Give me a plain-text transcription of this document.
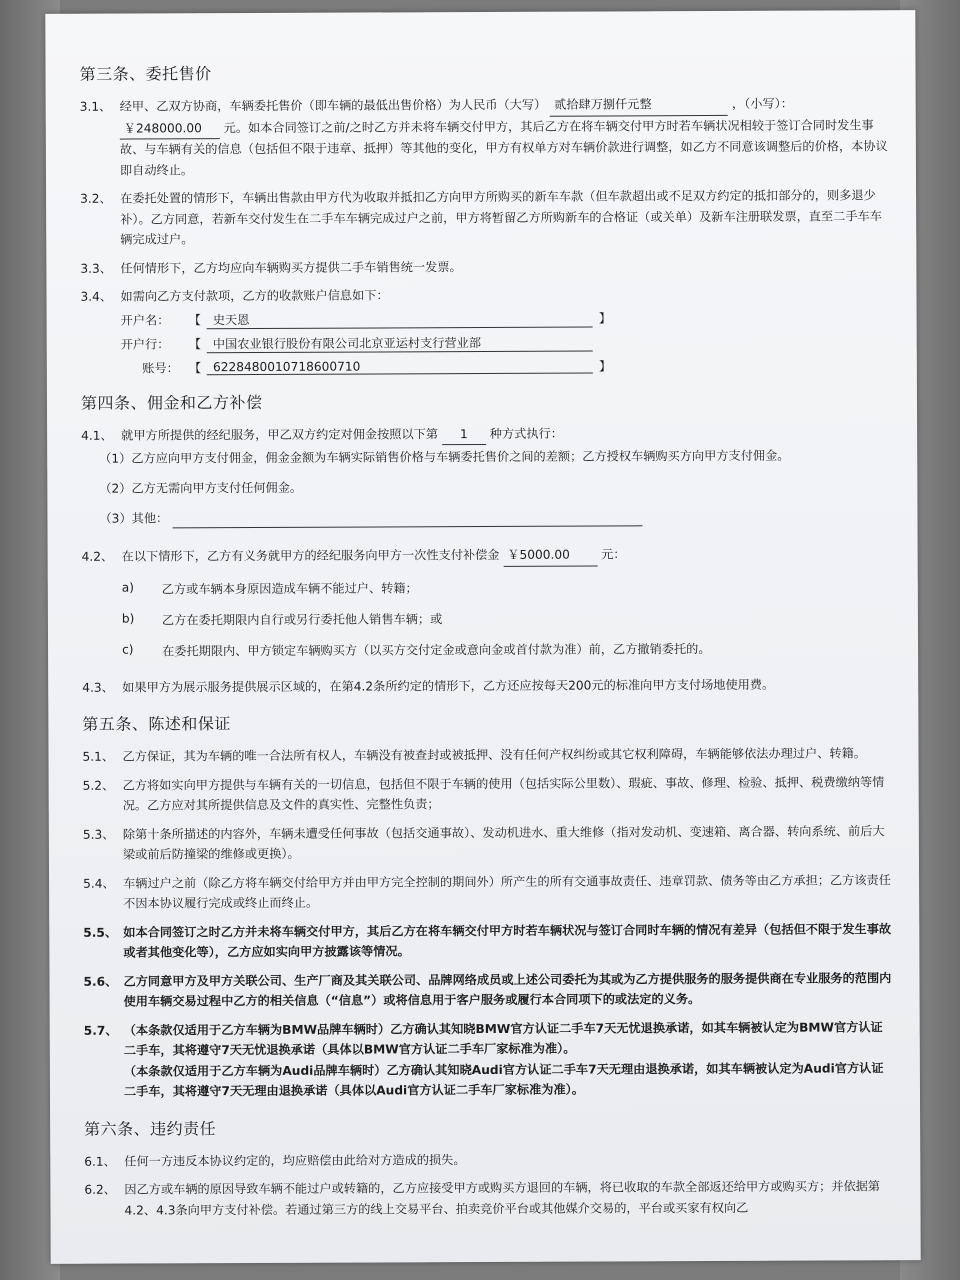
第三条、委托售价
3.1、 经甲、乙双方协商，车辆委托售价（即车辆的最低出售价格）为人民币（大写） 贰拾肆万捌仟元整	，（小写）：
￥248000.00 元。如本合同签订之前/之时乙方并未将车辆交付甲方，其后乙方在将车辆交付甲方时若车辆状况相较于签订合同时发生事故、与车辆有关的信息（包括但不限于违章、抵押）等其他的变化，甲方有权单方对车辆价款进行调整，如乙方不同意该调整后的价格，本协议即自动终止。
3.2、 在委托处置的情形下，车辆出售款由甲方代为收取并抵扣乙方向甲方所购买的新车车款（但车款超出或不足双方约定的抵扣部分的，则多退少补）。乙方同意，若新车交付发生在二手车车辆完成过户之前，甲方将暂留乙方所购新车的合格证（或关单）及新车注册联发票，直至二手车车辆完成过户。
3.3、 任何情形下，乙方均应向车辆购买方提供二手车销售统一发票。
3.4、 如需向乙方支付款项，乙方的收款账户信息如下：
开户名：	【 史天恩	】
开户行：	【 中国农业银行股份有限公司北京亚运村支行营业部
账号： 【 6228480010718600710	】
第四条、佣金和乙方补偿
4.1、 就甲方所提供的经纪服务，甲乙双方约定对佣金按照以下第 1 种方式执行：
（1）乙方应向甲方支付佣金，佣金金额为车辆实际销售价格与车辆委托售价之间的差额；乙方授权车辆购买方向甲方支付佣金。
（2）乙方无需向甲方支付任何佣金。
（3）其他：
4.2、 在以下情形下，乙方有义务就甲方的经纪服务向甲方一次性支付补偿金 ￥5000.00	元：
a) 乙方或车辆本身原因造成车辆不能过户、转籍；
b) 乙方在委托期限内自行或另行委托他人销售车辆；或
c) 在委托期限内、甲方锁定车辆购买方（以买方交付定金或意向金或首付款为准）前，乙方撤销委托的。
4.3、 如果甲方为展示服务提供展示区域的，在第4.2条所约定的情形下，乙方还应按每天200元的标准向甲方支付场地使用费。
第五条、陈述和保证
5.1、 乙方保证，其为车辆的唯一合法所有权人，车辆没有被查封或被抵押、没有任何产权纠纷或其它权利障碍，车辆能够依法办理过户、转籍。
5.2、 乙方将如实向甲方提供与车辆有关的一切信息，包括但不限于车辆的使用（包括实际公里数）、瑕疵、事故、修理、检验、抵押、税费缴纳等情况。乙方应对其所提供信息及文件的真实性、完整性负责；
5.3、 除第十条所描述的内容外，车辆未遭受任何事故（包括交通事故）、发动机进水、重大维修（指对发动机、变速箱、离合器、转向系统、前后大梁或前后防撞梁的维修或更换）。
5.4、 车辆过户之前（除乙方将车辆交付给甲方并由甲方完全控制的期间外）所产生的所有交通事故责任、违章罚款、债务等由乙方承担；乙方该责任不因本协议履行完成或终止而终止。
5.5、 如本合同签订之时乙方并未将车辆交付甲方，其后乙方在将车辆交付甲方时若车辆状况与签订合同时车辆的情况有差异（包括但不限于发生事故或者其他变化等），乙方应如实向甲方披露该等情况。
5.6、 乙方同意甲方及甲方关联公司、生产厂商及其关联公司、品牌网络成员或上述公司委托为其或为乙方提供服务的服务提供商在专业服务的范围内使用车辆交易过程中乙方的相关信息（“信息”）或将信息用于客户服务或履行本合同项下的或法定的义务。
5.7、 （本条款仅适用于乙方车辆为BMW品牌车辆时）乙方确认其知晓BMW官方认证二手车7天无忧退换承诺，如其车辆被认定为BMW官方认证二手车，其将遵守7天无忧退换承诺（具体以BMW官方认证二手车厂家标准为准）。
（本条款仅适用于乙方车辆为Audi品牌车辆时）乙方确认其知晓Audi官方认证二手车7天无理由退换承诺，如其车辆被认定为Audi官方认证二手车，其将遵守7天无理由退换承诺（具体以Audi官方认证二手车厂家标准为准）。
第六条、违约责任
6.1、 任何一方违反本协议约定的，均应赔偿由此给对方造成的损失。
6.2、 因乙方或车辆的原因导致车辆不能过户或转籍的，乙方应接受甲方或购买方退回的车辆，将已收取的车款全部返还给甲方或购买方；并依据第4.2、4.3条向甲方支付补偿。若通过第三方的线上交易平台、拍卖竞价平台或其他媒介交易的，平台或买家有权向乙
